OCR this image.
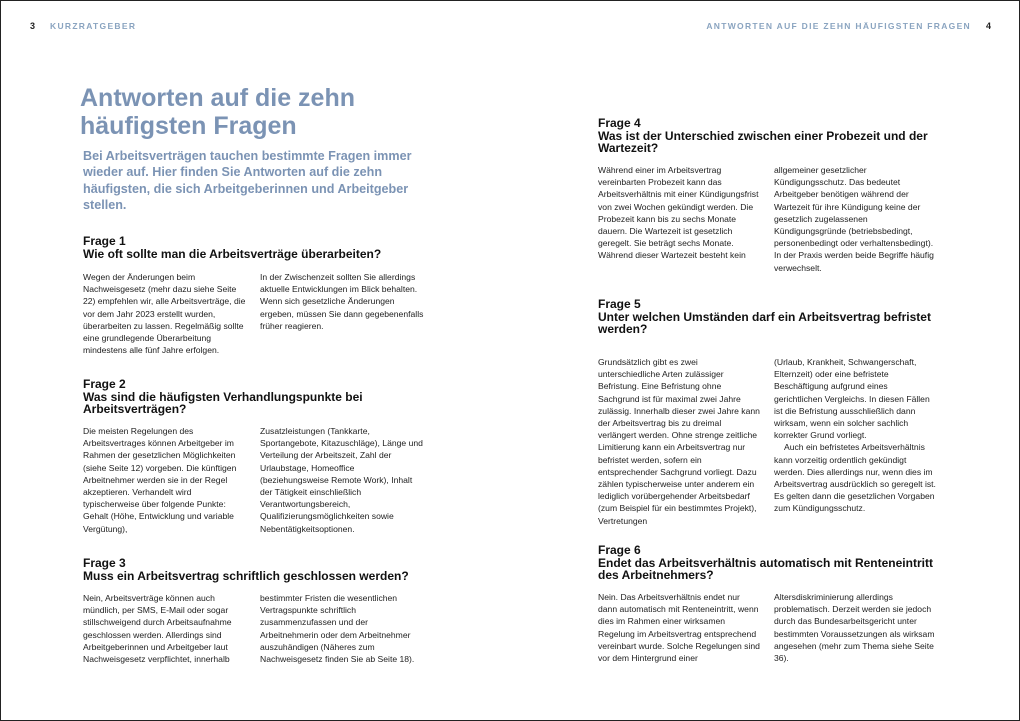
3 KURZRATGEBER	ANTWORTEN AUF DIE ZEHN HÄUFIGSTEN FRAGEN 4
Antworten auf die zehn häufigsten Fragen

Bei Arbeitsverträgen tauchen bestimmte Fragen immer wieder auf. Hier finden Sie Antworten auf die zehn häufigsten, die sich Arbeitgeberinnen und Arbeitgeber stellen.

Frage 1
Wie oft sollte man die Arbeitsverträge überarbeiten?

Wegen der Änderungen beim Nachweisgesetz (mehr dazu siehe Seite 22) empfehlen wir, alle Arbeitsverträge, die vor dem Jahr 2023 erstellt wurden, überarbeiten zu lassen. Regelmäßig sollte eine grundlegende Überarbeitung mindestens alle fünf Jahre erfolgen.

In der Zwischenzeit sollten Sie allerdings aktuelle Entwicklungen im Blick behalten. Wenn sich gesetzliche Änderungen ergeben, müssen Sie dann gegebenenfalls früher reagieren.

Frage 2
Was sind die häufigsten Verhandlungspunkte bei Arbeitsverträgen?

Die meisten Regelungen des Arbeitsvertrages können Arbeitgeber im Rahmen der gesetzlichen Möglichkeiten (siehe Seite 12) vorgeben. Die künftigen Arbeitnehmer werden sie in der Regel akzeptieren. Verhandelt wird typischerweise über folgende Punkte: Gehalt (Höhe, Entwicklung und variable Vergütung),

Zusatzleistungen (Tankkarte, Sportangebote, Kitazuschläge), Länge und Verteilung der Arbeitszeit, Zahl der Urlaubstage, Homeoffice (beziehungsweise Remote Work), Inhalt der Tätigkeit einschließlich Verantwortungsbereich, Qualifizierungsmöglichkeiten sowie Nebentätigkeitsoptionen.

Frage 3
Muss ein Arbeitsvertrag schriftlich geschlossen werden?

Nein, Arbeitsverträge können auch mündlich, per SMS, E-Mail oder sogar stillschweigend durch Arbeitsaufnahme geschlossen werden. Allerdings sind Arbeitgeberinnen und Arbeitgeber laut Nachweisgesetz verpflichtet, innerhalb

bestimmter Fristen die wesentlichen Vertragspunkte schriftlich zusammenzufassen und der Arbeitnehmerin oder dem Arbeitnehmer auszuhändigen (Näheres zum Nachweisgesetz finden Sie ab Seite 18).

Frage 4
Was ist der Unterschied zwischen einer Probezeit und der Wartezeit?

Während einer im Arbeitsvertrag vereinbarten Probezeit kann das Arbeitsverhältnis mit einer Kündigungsfrist von zwei Wochen gekündigt werden. Die Probezeit kann bis zu sechs Monate dauern. Die Wartezeit ist gesetzlich geregelt. Sie beträgt sechs Monate. Während dieser Wartezeit besteht kein

allgemeiner gesetzlicher Kündigungsschutz. Das bedeutet Arbeitgeber benötigen während der Wartezeit für ihre Kündigung keine der gesetzlich zugelassenen Kündigungsgründe (betriebsbedingt, personenbedingt oder verhaltensbedingt). In der Praxis werden beide Begriffe häufig verwechselt.

Frage 5
Unter welchen Umständen darf ein Arbeitsvertrag befristet werden?

Grundsätzlich gibt es zwei unterschiedliche Arten zulässiger Befristung. Eine Befristung ohne Sachgrund ist für maximal zwei Jahre zulässig. Innerhalb dieser zwei Jahre kann der Arbeitsvertrag bis zu dreimal verlängert werden. Ohne strenge zeitliche Limitierung kann ein Arbeitsvertrag nur befristet werden, sofern ein entsprechender Sachgrund vorliegt. Dazu zählen typischerweise unter anderem ein lediglich vorübergehender Arbeitsbedarf (zum Beispiel für ein bestimmtes Projekt), Vertretungen

(Urlaub, Krankheit, Schwangerschaft, Elternzeit) oder eine befristete Beschäftigung aufgrund eines gerichtlichen Vergleichs. In diesen Fällen ist die Befristung ausschließlich dann wirksam, wenn ein solcher sachlich korrekter Grund vorliegt.

Auch ein befristetes Arbeitsverhältnis kann vorzeitig ordentlich gekündigt werden. Dies allerdings nur, wenn dies im Arbeitsvertrag ausdrücklich so geregelt ist. Es gelten dann die gesetzlichen Vorgaben zum Kündigungsschutz.

Frage 6
Endet das Arbeitsverhältnis automatisch mit Renteneintritt des Arbeitnehmers?

Nein. Das Arbeitsverhältnis endet nur dann automatisch mit Renteneintritt, wenn dies im Rahmen einer wirksamen Regelung im Arbeitsvertrag entsprechend vereinbart wurde. Solche Regelungen sind vor dem Hintergrund einer

Altersdiskriminierung allerdings problematisch. Derzeit werden sie jedoch durch das Bundesarbeitsgericht unter bestimmten Voraussetzungen als wirksam angesehen (mehr zum Thema siehe Seite 36).
